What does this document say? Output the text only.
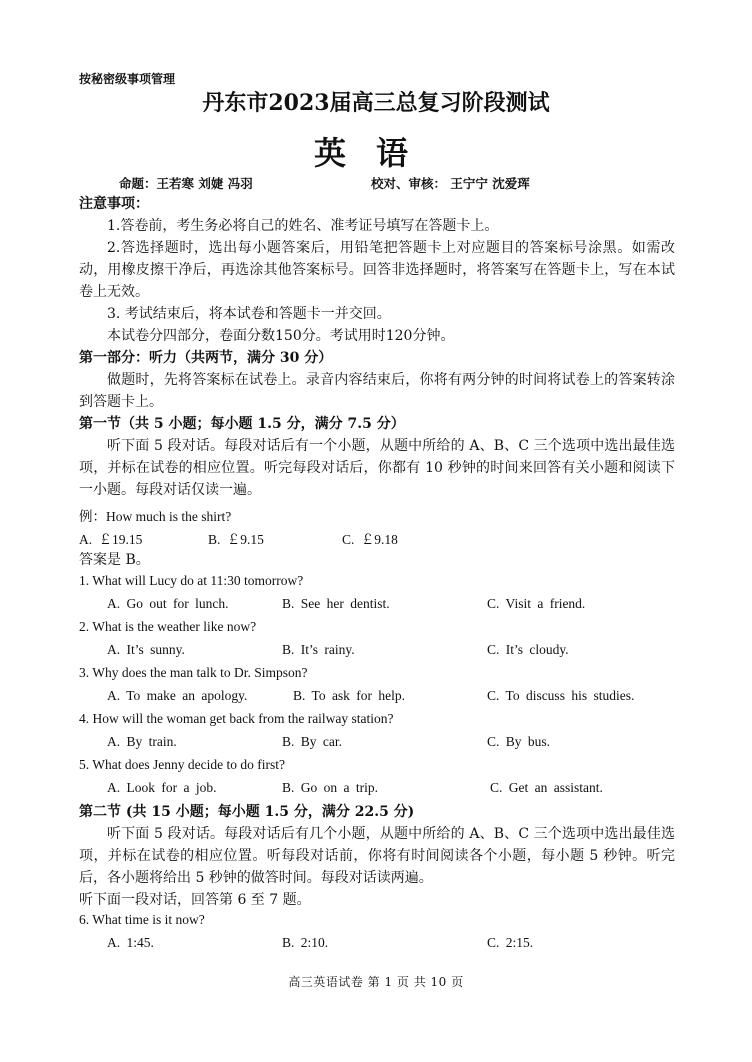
按秘密级事项管理
丹东市2023届高三总复习阶段测试
英语
命题：王若寒 刘婕 冯羽	校对、审核： 王宁宁 沈爱珲
注意事项：
1.答卷前，考生务必将自己的姓名、准考证号填写在答题卡上。
2.答选择题时，选出每小题答案后，用铅笔把答题卡上对应题目的答案标号涂黑。如需改动，用橡皮擦干净后，再选涂其他答案标号。回答非选择题时，将答案写在答题卡上，写在本试卷上无效。
3. 考试结束后，将本试卷和答题卡一并交回。
本试卷分四部分，卷面分数150分。考试用时120分钟。
第一部分：听力（共两节，满分 30 分）
做题时，先将答案标在试卷上。录音内容结束后，你将有两分钟的时间将试卷上的答案转涂到答题卡上。
第一节（共 5 小题；每小题 1.5 分，满分 7.5 分）
听下面 5 段对话。每段对话后有一个小题，从题中所给的 A、B、C 三个选项中选出最佳选项，并标在试卷的相应位置。听完每段对话后，你都有 10 秒钟的时间来回答有关小题和阅读下一小题。每段对话仅读一遍。
例：How much is the shirt?
A. ￡19.15	B. ￡9.15	C. ￡9.18
答案是 B。
1. What will Lucy do at 11:30 tomorrow?
A. Go out for lunch.	B. See her dentist.	C. Visit a friend.
2. What is the weather like now?
A. It’s sunny.	B. It’s rainy.	C. It’s cloudy.
3. Why does the man talk to Dr. Simpson?
A. To make an apology.	B. To ask for help.	C. To discuss his studies.
4. How will the woman get back from the railway station?
A. By train.	B. By car.	C. By bus.
5. What does Jenny decide to do first?
A. Look for a job.	B. Go on a trip.	C. Get an assistant.
第二节 (共 15 小题；每小题 1.5 分，满分 22.5 分)
听下面 5 段对话。每段对话后有几个小题，从题中所给的 A、B、C 三个选项中选出最佳选项，并标在试卷的相应位置。听每段对话前，你将有时间阅读各个小题，每小题 5 秒钟。听完后，各小题将给出 5 秒钟的做答时间。每段对话读两遍。
听下面一段对话，回答第 6 至 7 题。
6. What time is it now?
A. 1:45.	B. 2:10.	C. 2:15.
高三英语试卷 第 1 页 共 10 页
